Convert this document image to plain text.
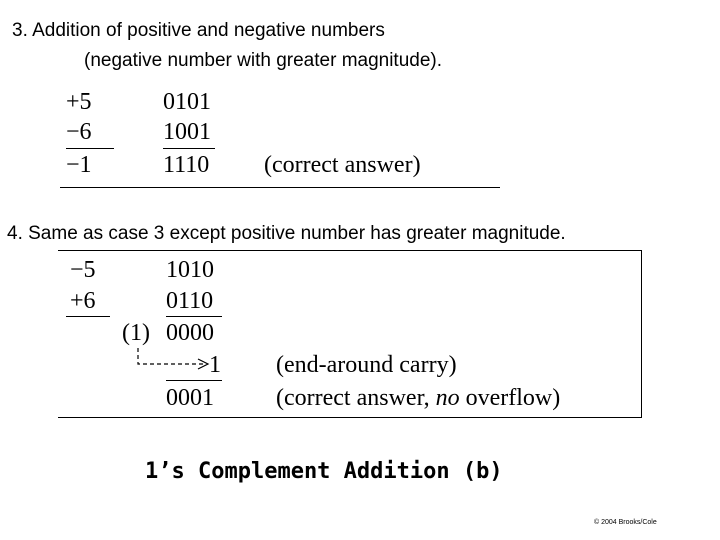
3. Addition of positive and negative numbers
(negative number with greater magnitude).
+5	0101
−6	1001
−1	1110 (correct answer)
4. Same as case 3 except positive number has greater magnitude.
−5	1010
+6	0110
(1) 0000
1 (end-around carry)
0001	(correct answer, no overflow)
1’s Complement Addition (b)
© 2004 Brooks/Cole
